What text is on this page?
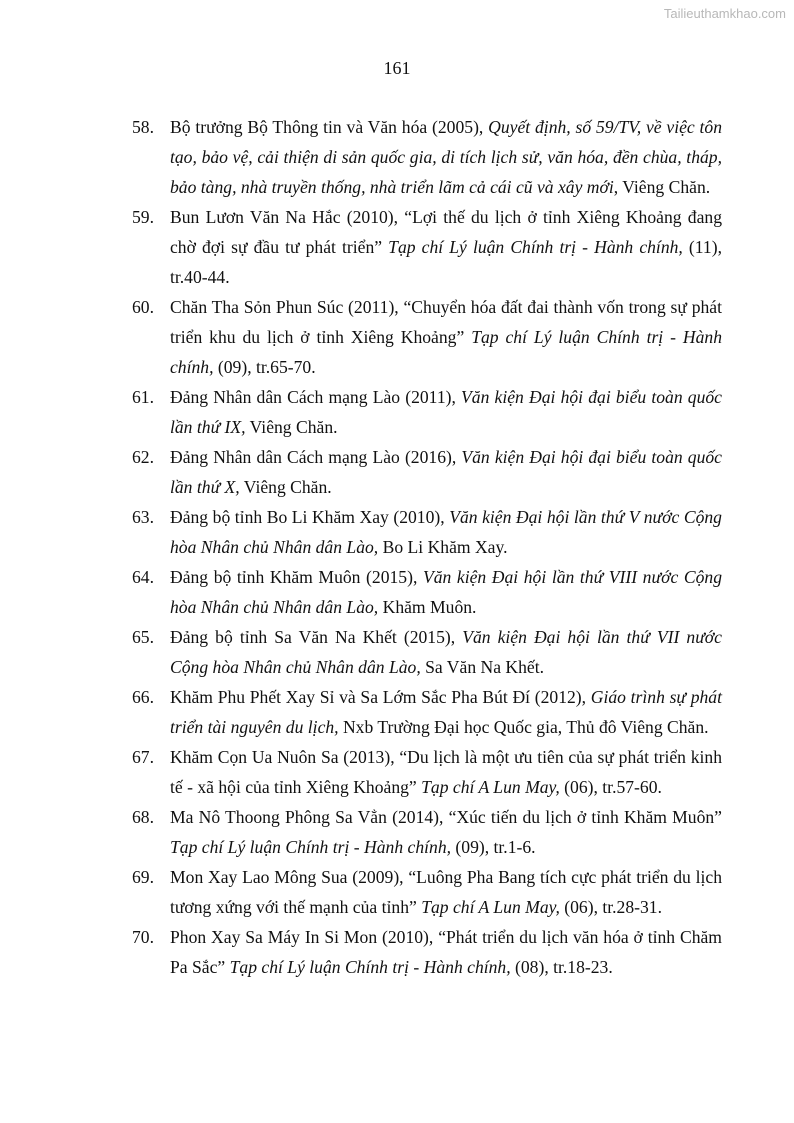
Tailieuthamkhao.com
161
58. Bộ trưởng Bộ Thông tin và Văn hóa (2005), Quyết định, số 59/TV, về việc tôn tạo, bảo vệ, cải thiện di sản quốc gia, di tích lịch sử, văn hóa, đền chùa, tháp, bảo tàng, nhà truyền thống, nhà triển lãm cả cái cũ và xây mới, Viêng Chăn.
59. Bun Lươn Văn Na Hắc (2010), “Lợi thế du lịch ở tỉnh Xiêng Khoảng đang chờ đợi sự đầu tư phát triển” Tạp chí Lý luận Chính trị - Hành chính, (11), tr.40-44.
60. Chăn Tha Sỏn Phun Súc (2011), “Chuyển hóa đất đai thành vốn trong sự phát triển khu du lịch ở tỉnh Xiêng Khoảng” Tạp chí Lý luận Chính trị - Hành chính, (09), tr.65-70.
61. Đảng Nhân dân Cách mạng Lào (2011), Văn kiện Đại hội đại biểu toàn quốc lần thứ IX, Viêng Chăn.
62. Đảng Nhân dân Cách mạng Lào (2016), Văn kiện Đại hội đại biểu toàn quốc lần thứ X, Viêng Chăn.
63. Đảng bộ tỉnh Bo Li Khăm Xay (2010), Văn kiện Đại hội lần thứ V nước Cộng hòa Nhân chủ Nhân dân Lào, Bo Li Khăm Xay.
64. Đảng bộ tỉnh Khăm Muôn (2015), Văn kiện Đại hội lần thứ VIII nước Cộng hòa Nhân chủ Nhân dân Lào, Khăm Muôn.
65. Đảng bộ tỉnh Sa Văn Na Khết (2015), Văn kiện Đại hội lần thứ VII nước Cộng hòa Nhân chủ Nhân dân Lào, Sa Văn Na Khết.
66. Khăm Phu Phết Xay Sỉ và Sa Lớm Sắc Pha Bút Đí (2012), Giáo trình sự phát triển tài nguyên du lịch, Nxb Trường Đại học Quốc gia, Thủ đô Viêng Chăn.
67. Khăm Cọn Ua Nuôn Sa (2013), “Du lịch là một ưu tiên của sự phát triển kinh tế - xã hội của tỉnh Xiêng Khoảng” Tạp chí A Lun May, (06), tr.57-60.
68. Ma Nô Thoong Phông Sa Vẳn (2014), “Xúc tiến du lịch ở tỉnh Khăm Muôn” Tạp chí Lý luận Chính trị - Hành chính, (09), tr.1-6.
69. Mon Xay Lao Mông Sua (2009), “Luông Pha Bang tích cực phát triển du lịch tương xứng với thế mạnh của tỉnh” Tạp chí A Lun May, (06), tr.28-31.
70. Phon Xay Sa Máy In Si Mon (2010), “Phát triển du lịch văn hóa ở tỉnh Chăm Pa Sắc” Tạp chí Lý luận Chính trị - Hành chính, (08), tr.18-23.
